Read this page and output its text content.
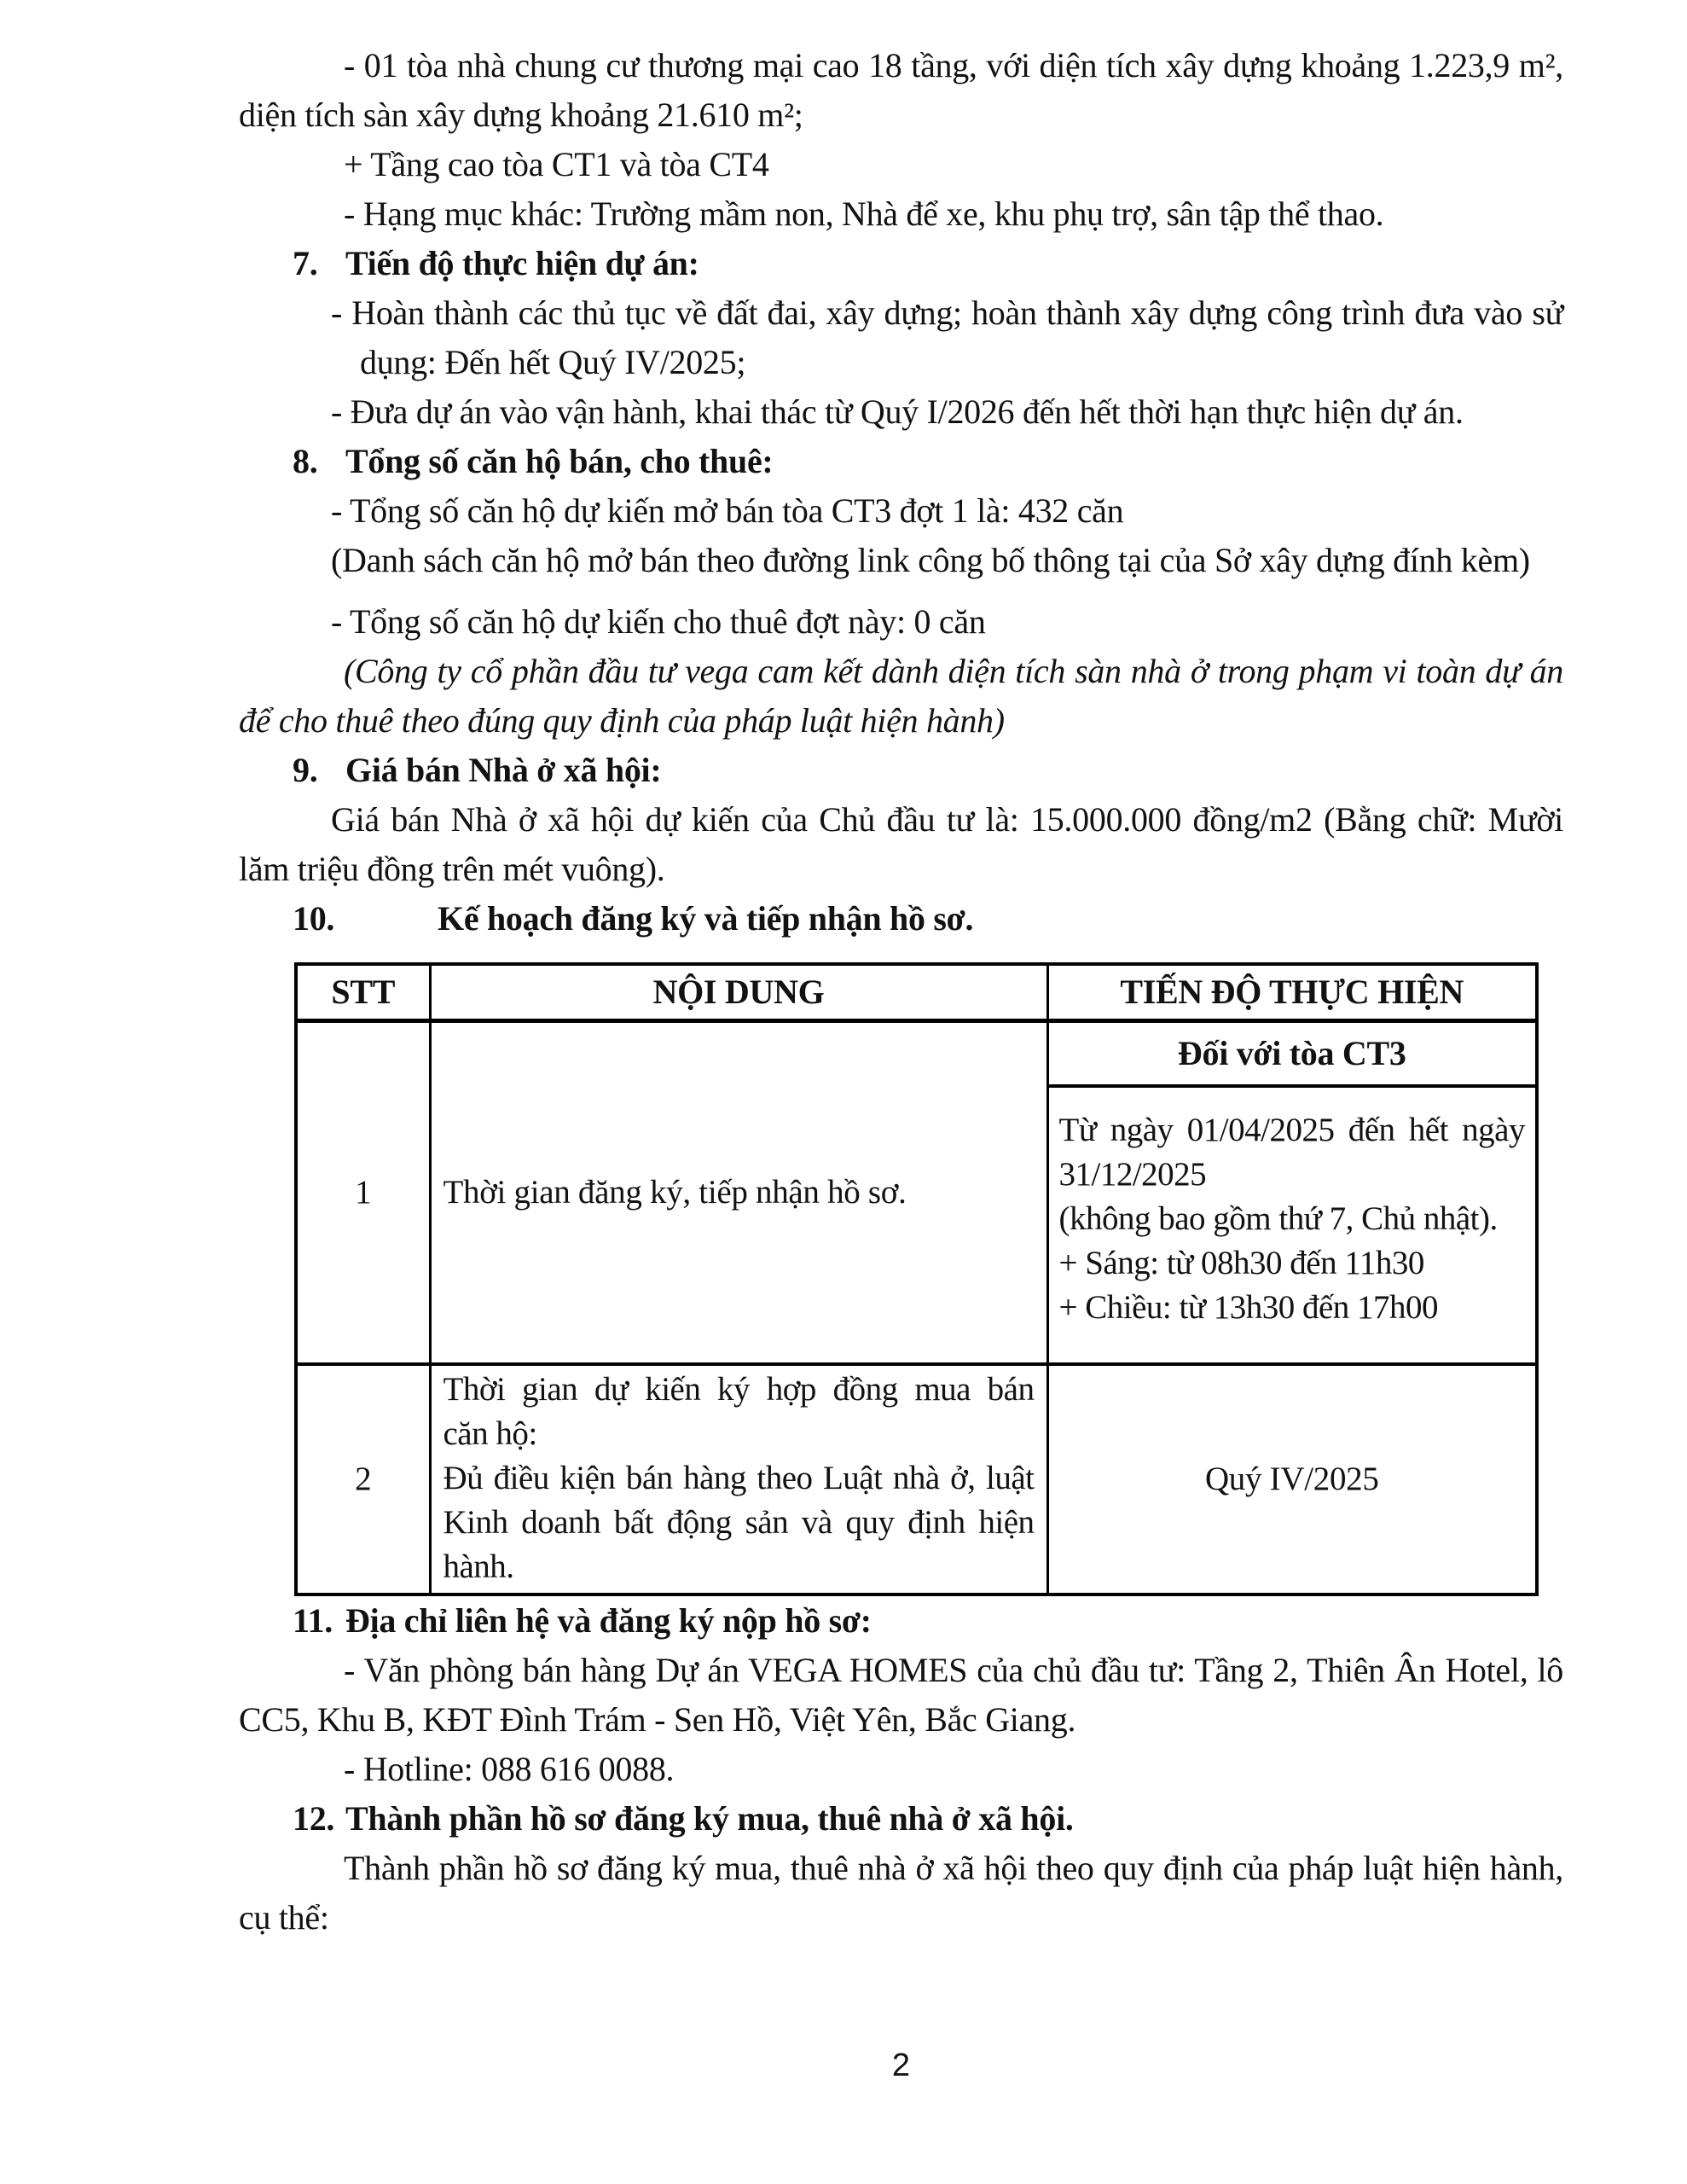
- 01 tòa nhà chung cư thương mại cao 18 tầng, với diện tích xây dựng khoảng 1.223,9 m², diện tích sàn xây dựng khoảng 21.610 m²;

+ Tầng cao tòa CT1 và tòa CT4

- Hạng mục khác: Trường mầm non, Nhà để xe, khu phụ trợ, sân tập thể thao.

7. Tiến độ thực hiện dự án:

- Hoàn thành các thủ tục về đất đai, xây dựng; hoàn thành xây dựng công trình đưa vào sử dụng: Đến hết Quý IV/2025;

- Đưa dự án vào vận hành, khai thác từ Quý I/2026 đến hết thời hạn thực hiện dự án.

8. Tổng số căn hộ bán, cho thuê:

- Tổng số căn hộ dự kiến mở bán tòa CT3 đợt 1 là: 432 căn

(Danh sách căn hộ mở bán theo đường link công bố thông tại của Sở xây dựng đính kèm)

- Tổng số căn hộ dự kiến cho thuê đợt này: 0 căn

(Công ty cổ phần đầu tư vega cam kết dành diện tích sàn nhà ở trong phạm vi toàn dự án để cho thuê theo đúng quy định của pháp luật hiện hành)

9. Giá bán Nhà ở xã hội:

Giá bán Nhà ở xã hội dự kiến của Chủ đầu tư là: 15.000.000 đồng/m2 (Bằng chữ: Mười lăm triệu đồng trên mét vuông).

10.	Kế hoạch đăng ký và tiếp nhận hồ sơ.

STT	NỘI DUNG	TIẾN ĐỘ THỰC HIỆN
1	Thời gian đăng ký, tiếp nhận hồ sơ.	
Đối với tòa CT3
Từ ngày 01/04/2025 đến hết ngày
31/12/2025
(không bao gồm thứ 7, Chủ nhật).
+ Sáng: từ 08h30 đến 11h30
+ Chiều: từ 13h30 đến 17h00

2	Thời gian dự kiến ký hợp đồng mua bán
căn hộ:
Đủ điều kiện bán hàng theo Luật nhà ở, luật
Kinh doanh bất động sản và quy định hiện
hành.	Quý IV/2025

11. Địa chỉ liên hệ và đăng ký nộp hồ sơ:

- Văn phòng bán hàng Dự án VEGA HOMES của chủ đầu tư: Tầng 2, Thiên Ân Hotel, lô CC5, Khu B, KĐT Đình Trám - Sen Hồ, Việt Yên, Bắc Giang.

- Hotline: 088 616 0088.

12. Thành phần hồ sơ đăng ký mua, thuê nhà ở xã hội.

Thành phần hồ sơ đăng ký mua, thuê nhà ở xã hội theo quy định của pháp luật hiện hành, cụ thể:

2
